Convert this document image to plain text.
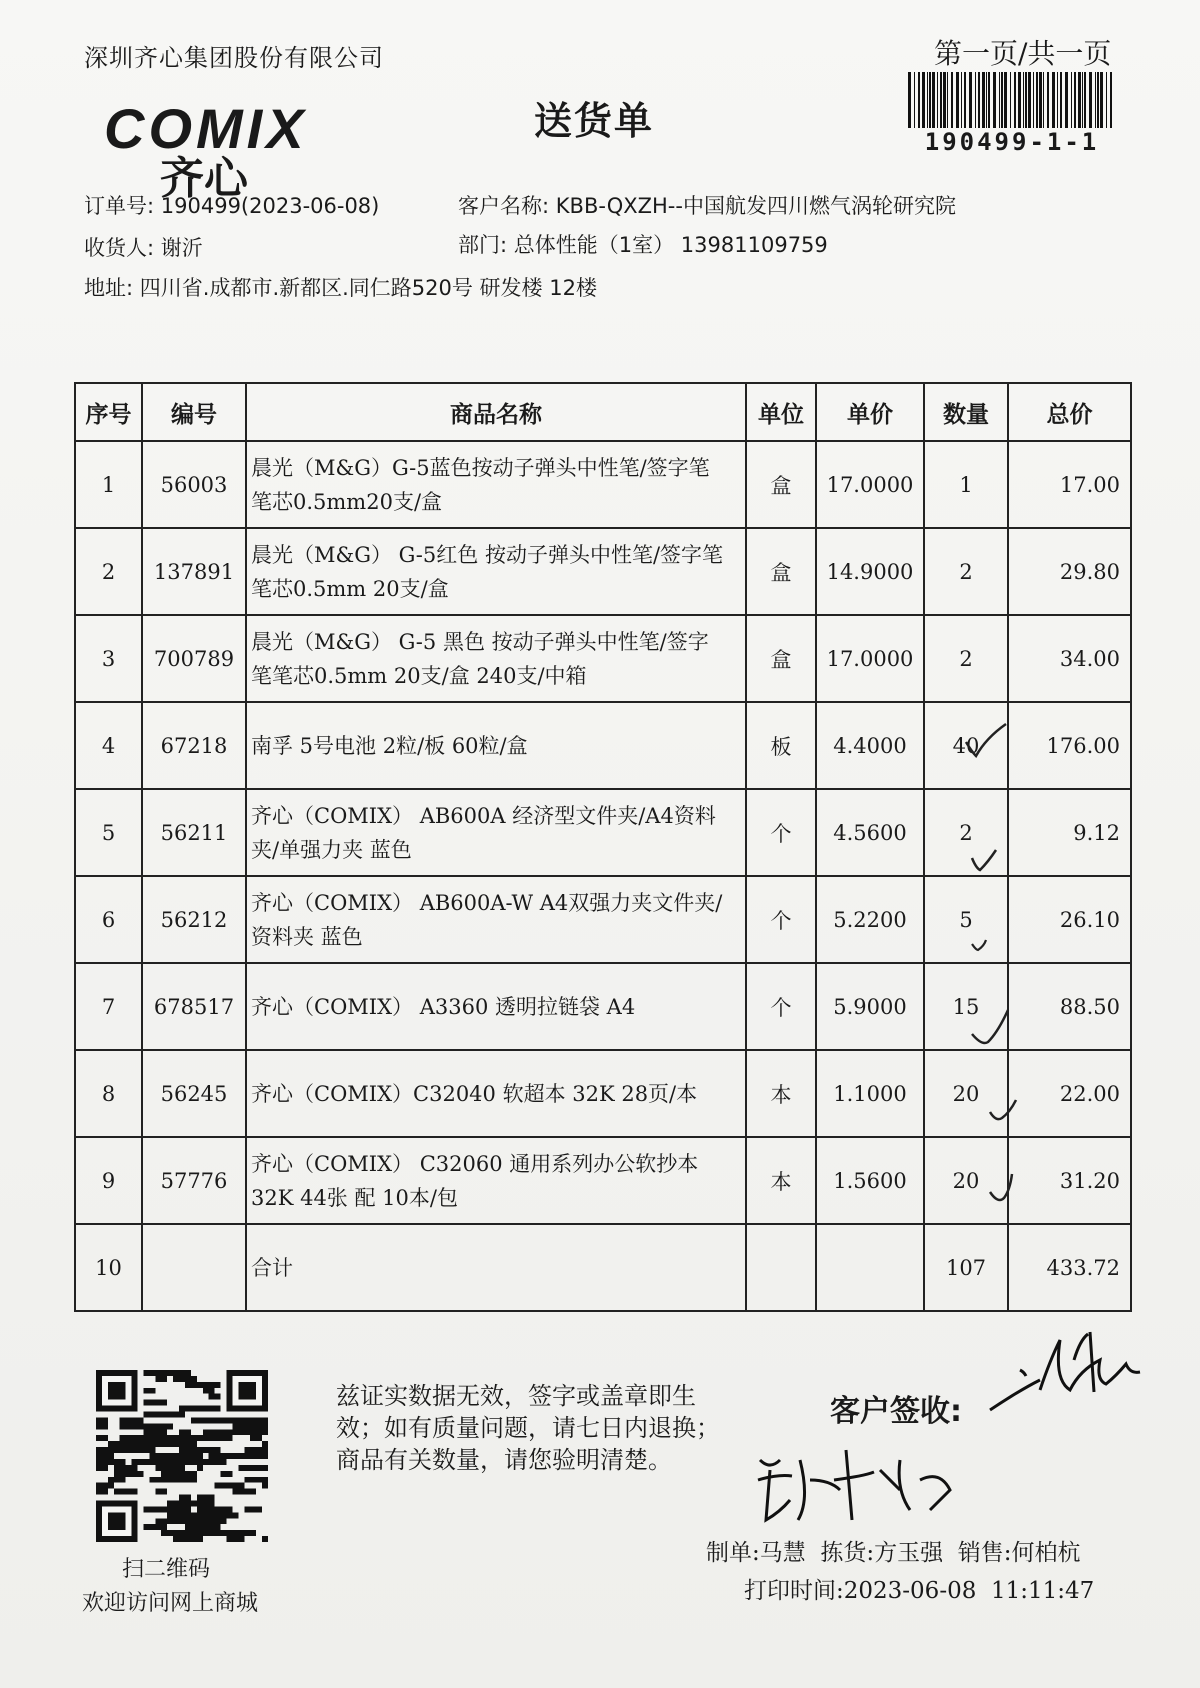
深圳齐心集团股份有限公司	第一页/共一页
190499-1-1
COMIX
齐心
送货单
订单号: 190499(2023-06-08)	客户名称: KBB-QXZH--中国航发四川燃气涡轮研究院
收货人: 谢沂	部门: 总体性能（1室） 13981109759
地址: 四川省.成都市.新都区.同仁路520号 研发楼 12楼
序号	编号	商品名称	单位	单价	数量	总价
1	56003	晨光（M&G）G-5蓝色按动子弹头中性笔/签字笔
笔芯0.5mm20支/盒	盒	17.0000	1	17.00
2	137891	晨光（M&G） G-5红色 按动子弹头中性笔/签字笔
笔芯0.5mm 20支/盒	盒	14.9000	2	29.80
3	700789	晨光（M&G） G-5 黑色 按动子弹头中性笔/签字
笔笔芯0.5mm 20支/盒 240支/中箱	盒	17.0000	2	34.00
4	67218	南孚 5号电池 2粒/板 60粒/盒	板	4.4000	40	176.00
5	56211	齐心（COMIX） AB600A 经济型文件夹/A4资料
夹/单强力夹 蓝色	个	4.5600	2	9.12
6	56212	齐心（COMIX） AB600A-W A4双强力夹文件夹/
资料夹 蓝色	个	5.2200	5	26.10
7	678517	齐心（COMIX） A3360 透明拉链袋 A4	个	5.9000	15	88.50
8	56245	齐心（COMIX）C32040 软超本 32K 28页/本	本	1.1000	20	22.00
9	57776	齐心（COMIX） C32060 通用系列办公软抄本
32K 44张 配 10本/包	本	1.5600	20	31.20
10		合计			107	433.72
扫二维码
欢迎访问网上商城
兹证实数据无效，签字或盖章即生
效；如有质量问题，请七日内退换；
商品有关数量，请您验明清楚。
客户签收:
制单:马慧  拣货:方玉强  销售:何柏杭
打印时间:2023-06-08  11:11:47
